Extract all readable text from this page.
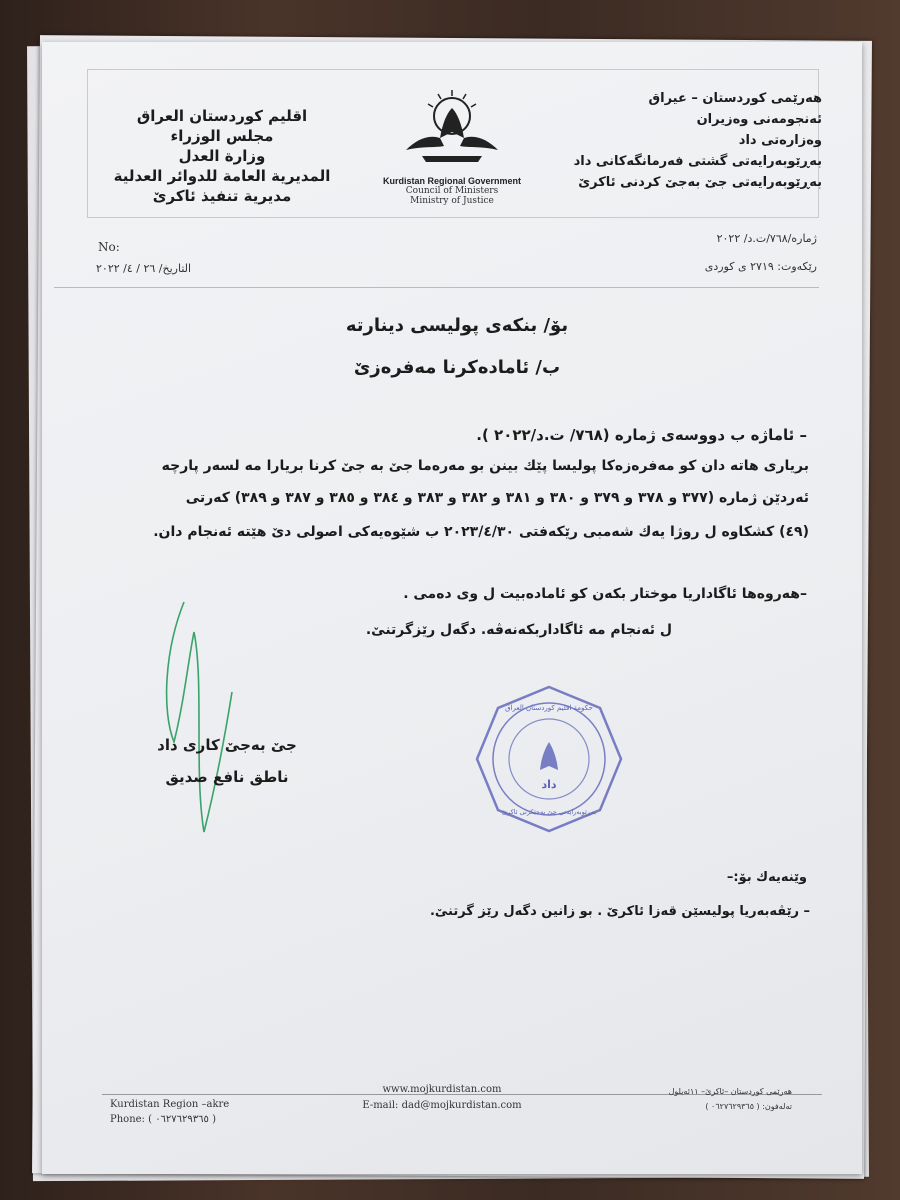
اقليم كوردستان العراق
مجلس الوزراء
وزارة العدل
المديرية العامة للدوائر العدلية
مديرية تنفيذ ئاكرێ
✦ ✦ ✦
Kurdistan Regional Government
Council of Ministers
Ministry of Justice
هەرێمی كوردستان – عیراق
ئەنجومەنی وەزیران
وەزارەتی داد
بەڕێوبەرایەتی گشتی فەرمانگەكانی داد
بەڕێوبەرایەتی جێ بەجێ كردنی ئاكرێ
No:
التاريخ/ ٢٦ / ٤/ ٢٠٢٢
ژمارە/٧٦٨/ت.د/ ٢٠٢٢
رێكەوت: ٢٧١٩ ی كوردی
بۆ/ بنكەی پولیسی دینارتە
ب/ ئامادەكرنا مەفرەزێ
– ئاماژە ب دووسەی ژمارە (٧٦٨/ ت.د/٢٠٢٢ ).
بریاری هاتە دان كو مەفرەزەكا پولیسا پێك بینن بو مەرەما جێ بە جێ كرنا بریارا مە لسەر پارچە
ئەردێن ژمارە (٣٧٧ و ٣٧٨ و ٣٧٩ و ٣٨٠ و ٣٨١ و ٣٨٢ و ٣٨٣ و ٣٨٤ و ٣٨٥ و ٣٨٧ و ٣٨٩) كەرتی
(٤٩) كشكاوە ل روژا یەك شەمبی رێكەفتی ٢٠٢٣/٤/٣٠ ب شێوەیەكی اصولی دێ هێتە ئەنجام دان.
–هەروەها ئاگاداریا موختار بكەن كو ئامادەبیت ل وی دەمی .
ل ئەنجام مە ئاگاداربكەنەڤە. دگەل رێزگرتنێ.
جێ بەجێ كاری داد
ناطق نافع صدیق
حكومة اقليم كوردستان العراق
داد
بەڕێوبەرایەتی جێ بەجێكرنی ئاكرێ
وێنەیەك بۆ:–
– رێڤەبەریا پولیسێن قەزا ئاكرێ . بو زانین دگەل رێز گرتنێ.
Kurdistan Region –akre
Phone: ( ٠٦٢٧٦٢٩٣٦٥ )
www.mojkurdistan.com
E-mail: dad@mojkurdistan.com
هەرێمی كوردستان –ئاكرێ– ١١ئەیلول
تەلەفون: ( ٠٦٢٧٦٢٩٣٦٥ )
